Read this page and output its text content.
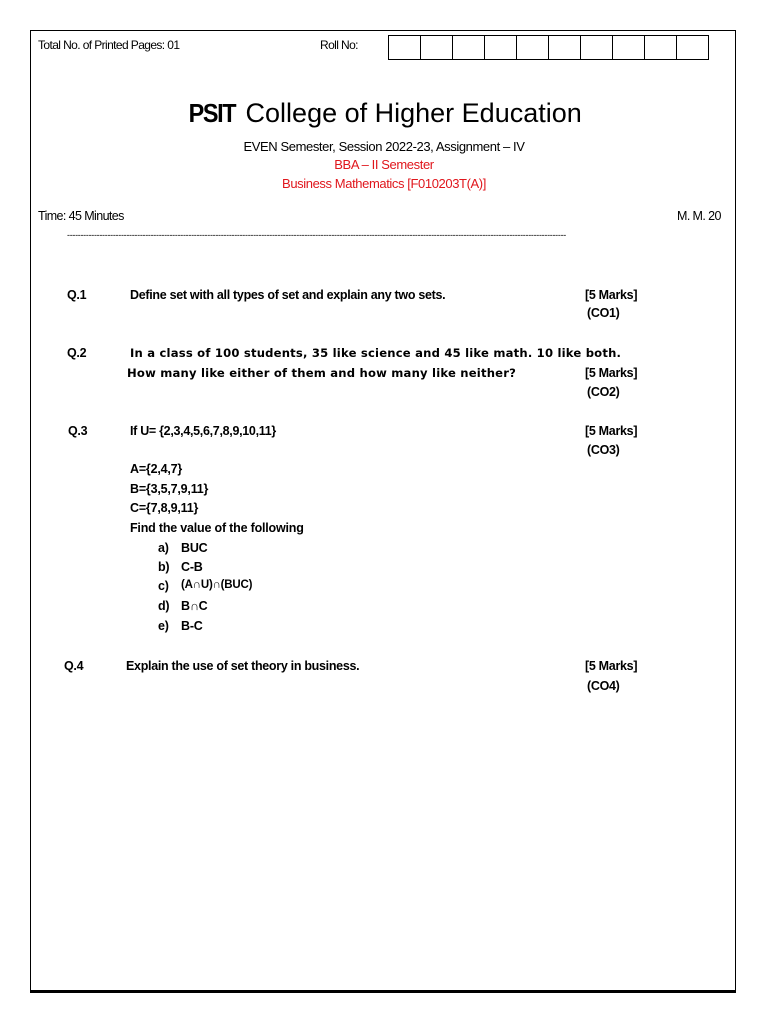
Total No. of Printed Pages: 01	Roll No:
PSIT College of Higher Education
EVEN Semester, Session 2022-23, Assignment – IV
BBA – II Semester
Business Mathematics [F010203T(A)]
Time: 45 Minutes	M. M. 20
-----------------------------------------------------------------------------------------------------------------------------------------------------------------------------------------
Q.1	Define set with all types of set and explain any two sets.	[5 Marks]
(CO1)
Q.2	In a class of 100 students, 35 like science and 45 like math. 10 like both.
How many like either of them and how many like neither?	[5 Marks]
(CO2)
Q.3	If U= {2,3,4,5,6,7,8,9,10,11}	[5 Marks]
(CO3)
A={2,4,7}
B={3,5,7,9,11}
C={7,8,9,11}
Find the value of the following
a) BUC
b) C-B
c) (A∩U)∩(BUC)
d) B∩C
e) B-C
Q.4	Explain the use of set theory in business.	[5 Marks]
(CO4)
